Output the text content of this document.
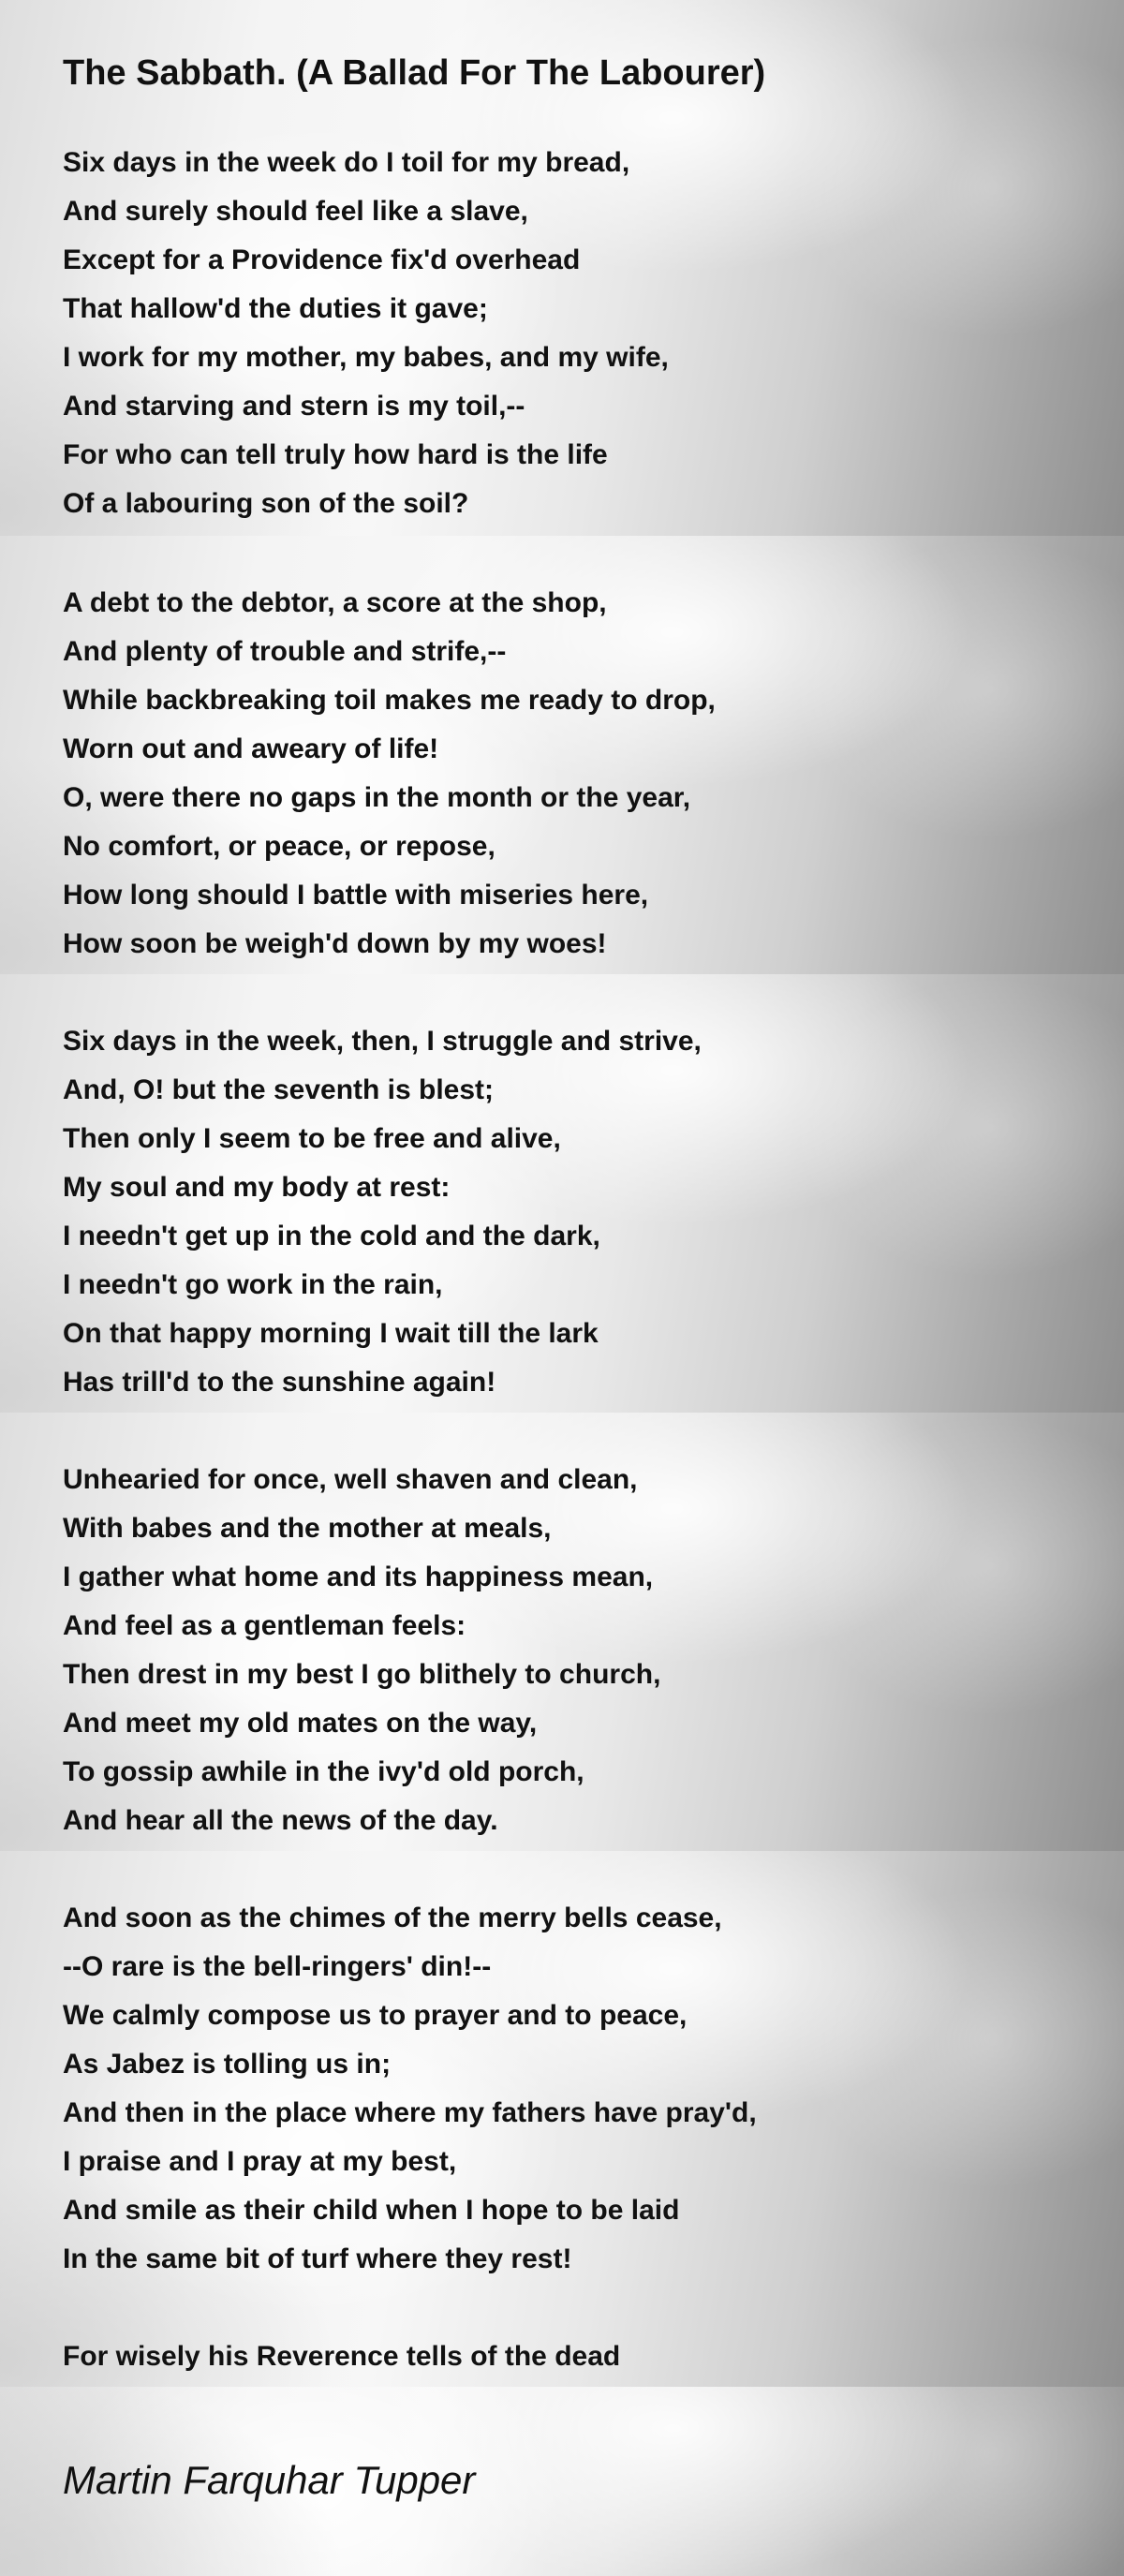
The Sabbath. (A Ballad For The Labourer)
Six days in the week do I toil for my bread,
And surely should feel like a slave,
Except for a Providence fix'd overhead
That hallow'd the duties it gave;
I work for my mother, my babes, and my wife,
And starving and stern is my toil,--
For who can tell truly how hard is the life
Of a labouring son of the soil?
A debt to the debtor, a score at the shop,
And plenty of trouble and strife,--
While backbreaking toil makes me ready to drop,
Worn out and aweary of life!
O, were there no gaps in the month or the year,
No comfort, or peace, or repose,
How long should I battle with miseries here,
How soon be weigh'd down by my woes!
Six days in the week, then, I struggle and strive,
And, O! but the seventh is blest;
Then only I seem to be free and alive,
My soul and my body at rest:
I needn't get up in the cold and the dark,
I needn't go work in the rain,
On that happy morning I wait till the lark
Has trill'd to the sunshine again!
Unhearied for once, well shaven and clean,
With babes and the mother at meals,
I gather what home and its happiness mean,
And feel as a gentleman feels:
Then drest in my best I go blithely to church,
And meet my old mates on the way,
To gossip awhile in the ivy'd old porch,
And hear all the news of the day.
And soon as the chimes of the merry bells cease,
--O rare is the bell-ringers' din!--
We calmly compose us to prayer and to peace,
As Jabez is tolling us in;
And then in the place where my fathers have pray'd,
I praise and I pray at my best,
And smile as their child when I hope to be laid
In the same bit of turf where they rest!
For wisely his Reverence tells of the dead

Martin Farquhar Tupper
